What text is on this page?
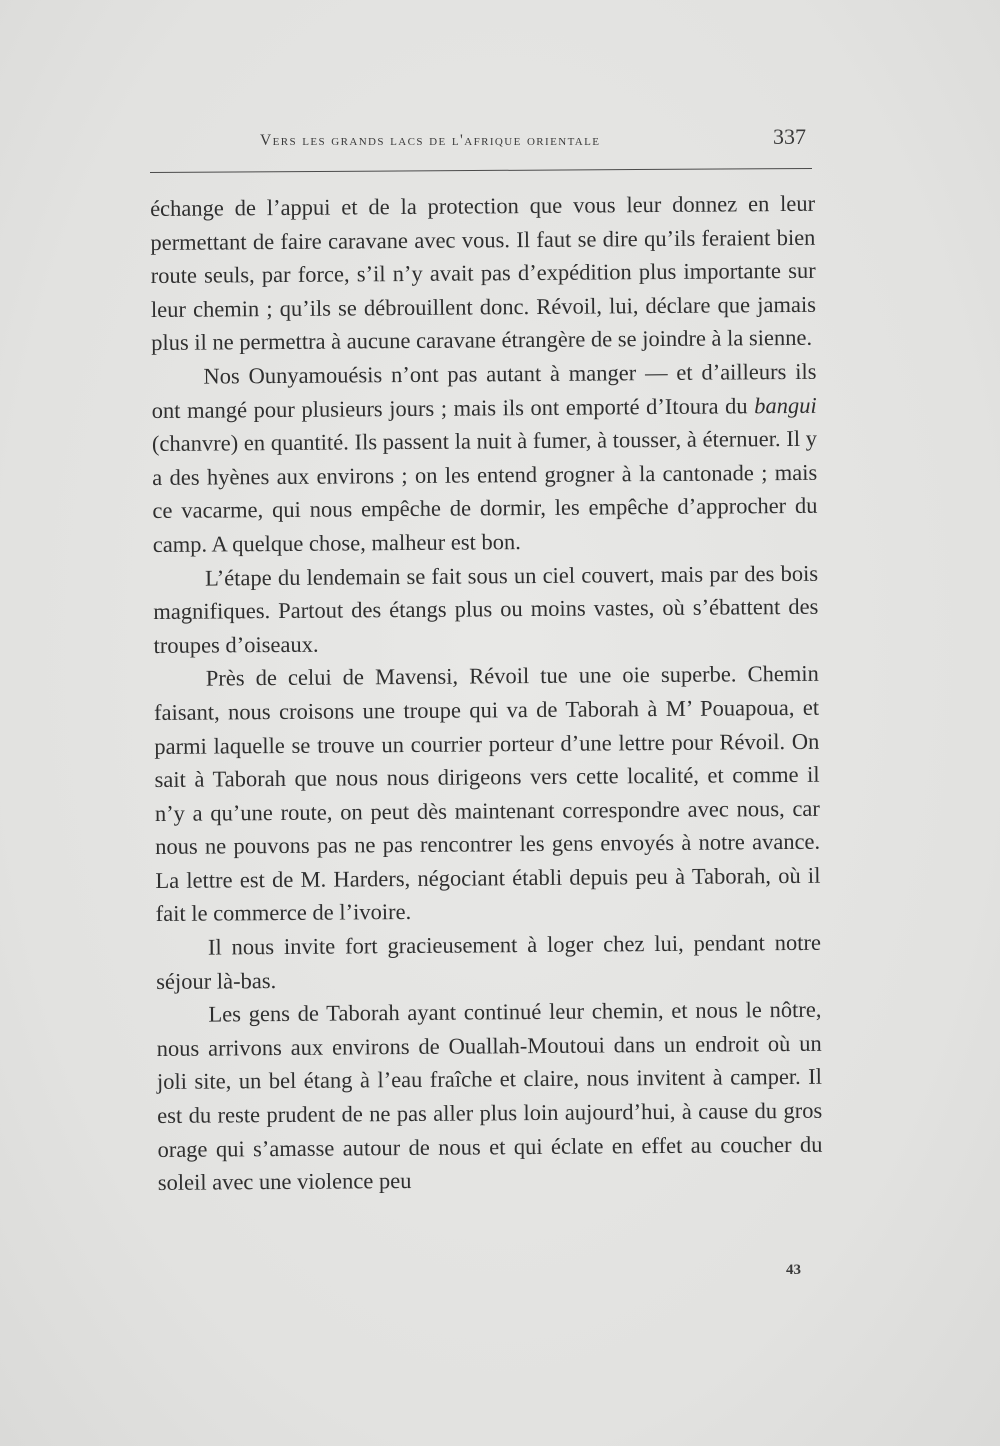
Vers les grands lacs de l'afrique orientale	337

échange de l’appui et de la protection que vous leur donnez en leur permettant de faire caravane avec vous. Il faut se dire qu’ils feraient bien route seuls, par force, s’il n’y avait pas d’expédition plus importante sur leur chemin ; qu’ils se débrouillent donc. Révoil, lui, déclare que jamais plus il ne permettra à aucune caravane étrangère de se joindre à la sienne.

Nos Ounyamouésis n’ont pas autant à manger — et d’ailleurs ils ont mangé pour plusieurs jours ; mais ils ont emporté d’Itoura du bangui (chanvre) en quantité. Ils passent la nuit à fumer, à tousser, à éternuer. Il y a des hyènes aux environs ; on les entend grogner à la cantonade ; mais ce vacarme, qui nous empêche de dormir, les empêche d’approcher du camp. A quelque chose, malheur est bon.

L’étape du lendemain se fait sous un ciel couvert, mais par des bois magnifiques. Partout des étangs plus ou moins vastes, où s’ébattent des troupes d’oiseaux.

Près de celui de Mavensi, Révoil tue une oie superbe. Chemin faisant, nous croisons une troupe qui va de Taborah à M’ Pouapoua, et parmi laquelle se trouve un courrier porteur d’une lettre pour Révoil. On sait à Taborah que nous nous dirigeons vers cette localité, et comme il n’y a qu’une route, on peut dès maintenant correspondre avec nous, car nous ne pouvons pas ne pas rencontrer les gens envoyés à notre avance. La lettre est de M. Harders, négociant établi depuis peu à Taborah, où il fait le commerce de l’ivoire.

Il nous invite fort gracieusement à loger chez lui, pendant notre séjour là-bas.

Les gens de Taborah ayant continué leur chemin, et nous le nôtre, nous arrivons aux environs de Ouallah-Moutoui dans un endroit où un joli site, un bel étang à l’eau fraîche et claire, nous invitent à camper. Il est du reste prudent de ne pas aller plus loin aujourd’hui, à cause du gros orage qui s’amasse autour de nous et qui éclate en effet au coucher du soleil avec une violence peu

43
